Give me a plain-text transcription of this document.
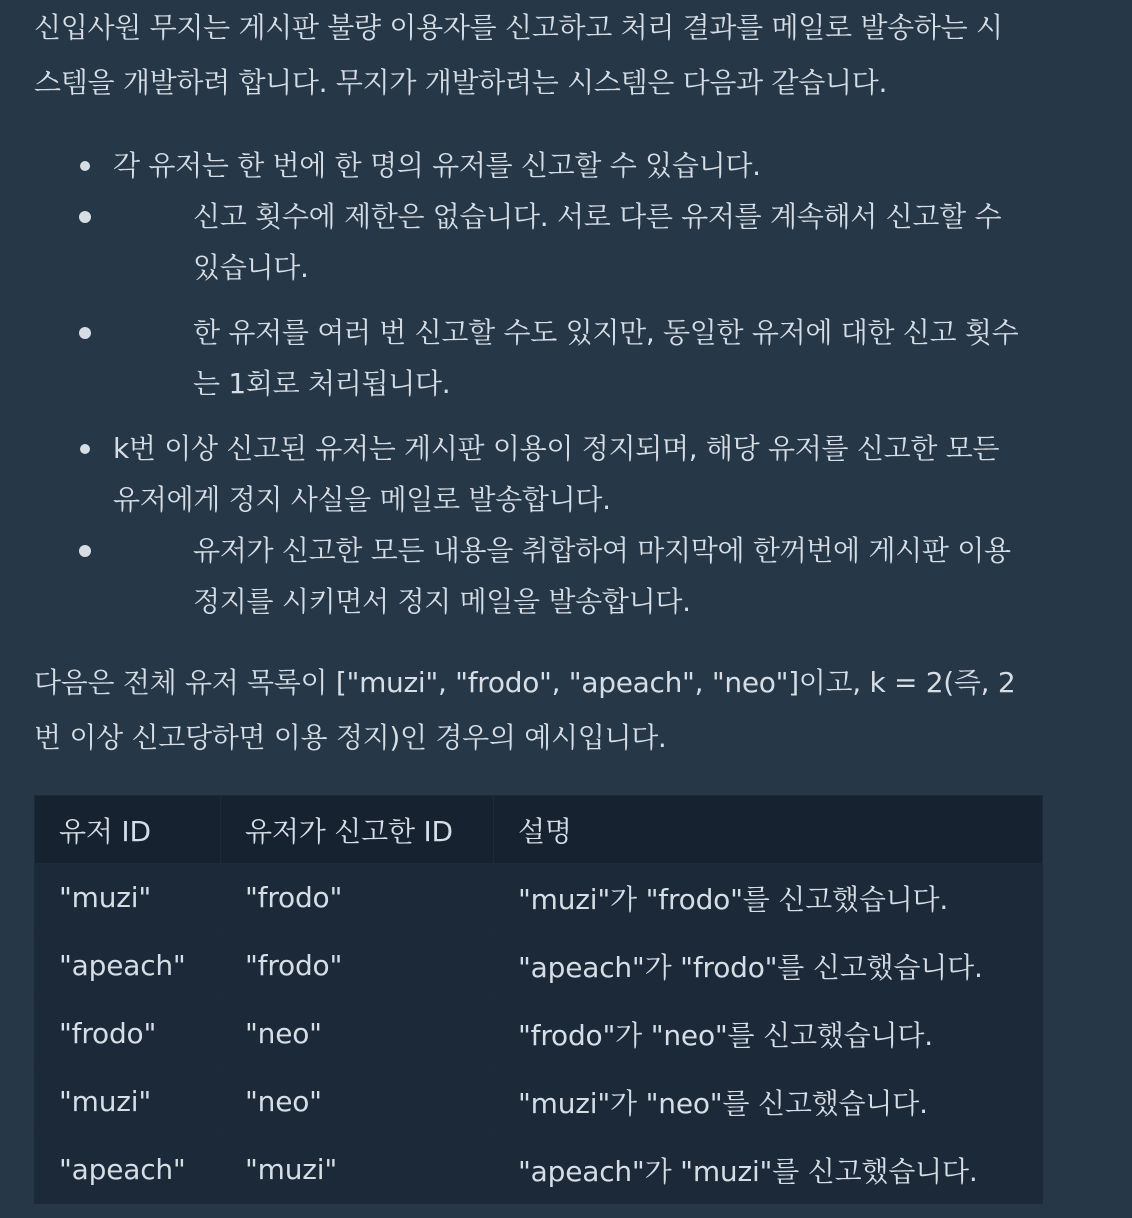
신입사원 무지는 게시판 불량 이용자를 신고하고 처리 결과를 메일로 발송하는 시
스템을 개발하려 합니다. 무지가 개발하려는 시스템은 다음과 같습니다.

각 유저는 한 번에 한 명의 유저를 신고할 수 있습니다.
신고 횟수에 제한은 없습니다. 서로 다른 유저를 계속해서 신고할 수
있습니다.
한 유저를 여러 번 신고할 수도 있지만, 동일한 유저에 대한 신고 횟수
는 1회로 처리됩니다.
k번 이상 신고된 유저는 게시판 이용이 정지되며, 해당 유저를 신고한 모든
유저에게 정지 사실을 메일로 발송합니다.
유저가 신고한 모든 내용을 취합하여 마지막에 한꺼번에 게시판 이용
정지를 시키면서 정지 메일을 발송합니다.

다음은 전체 유저 목록이 ["muzi", "frodo", "apeach", "neo"]이고, k = 2(즉, 2
번 이상 신고당하면 이용 정지)인 경우의 예시입니다.

유저 ID	유저가 신고한 ID	설명
"muzi"	"frodo"	"muzi"가 "frodo"를 신고했습니다.
"apeach"	"frodo"	"apeach"가 "frodo"를 신고했습니다.
"frodo"	"neo"	"frodo"가 "neo"를 신고했습니다.
"muzi"	"neo"	"muzi"가 "neo"를 신고했습니다.
"apeach"	"muzi"	"apeach"가 "muzi"를 신고했습니다.
